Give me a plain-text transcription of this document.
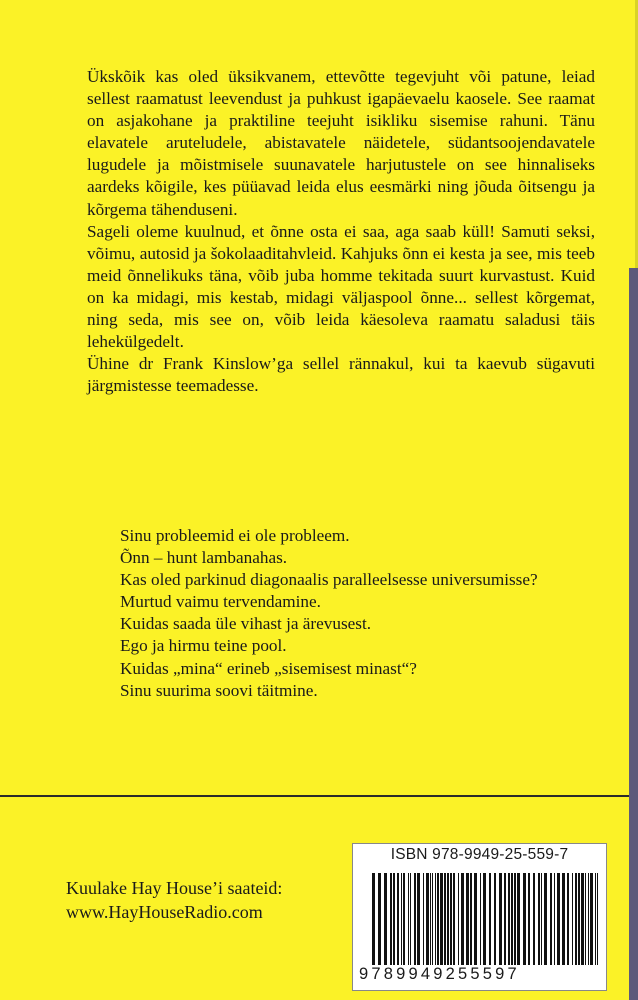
Ükskõik kas oled üksikvanem, ettevõtte tegevjuht või patune, leiad sellest raamatust leevendust ja puhkust igapäevaelu kaosele. See raamat on asjakohane ja praktiline teejuht isikliku sisemise rahuni. Tänu elavatele aruteludele, abistavatele näidetele, südantsoojendavatele lugudele ja mõistmisele suunavatele harjutustele on see hinnaliseks aardeks kõigile, kes püüavad leida elus eesmärki ning jõuda õitsengu ja kõrgema tähenduseni.

Sageli oleme kuulnud, et õnne osta ei saa, aga saab küll! Samuti seksi, võimu, autosid ja šokolaaditahvleid. Kahjuks õnn ei kesta ja see, mis teeb meid õnnelikuks täna, võib juba homme tekitada suurt kurvastust. Kuid on ka midagi, mis kestab, midagi väljaspool õnne... sellest kõrgemat, ning seda, mis see on, võib leida käesoleva raamatu saladusi täis lehekülgedelt.

Ühine dr Frank Kinslow’ga sellel rännakul, kui ta kaevub sügavuti järgmistesse teemadesse.

Sinu probleemid ei ole probleem.
Õnn – hunt lambanahas.
Kas oled parkinud diagonaalis paralleelsesse universumisse?
Murtud vaimu tervendamine.
Kuidas saada üle vihast ja ärevusest.
Ego ja hirmu teine pool.
Kuidas „mina“ erineb „sisemisest minast“?
Sinu suurima soovi täitmine.
Kuulake Hay House’i saateid:
www.HayHouseRadio.com
ISBN 978-9949-25-559-7
9789949255597
